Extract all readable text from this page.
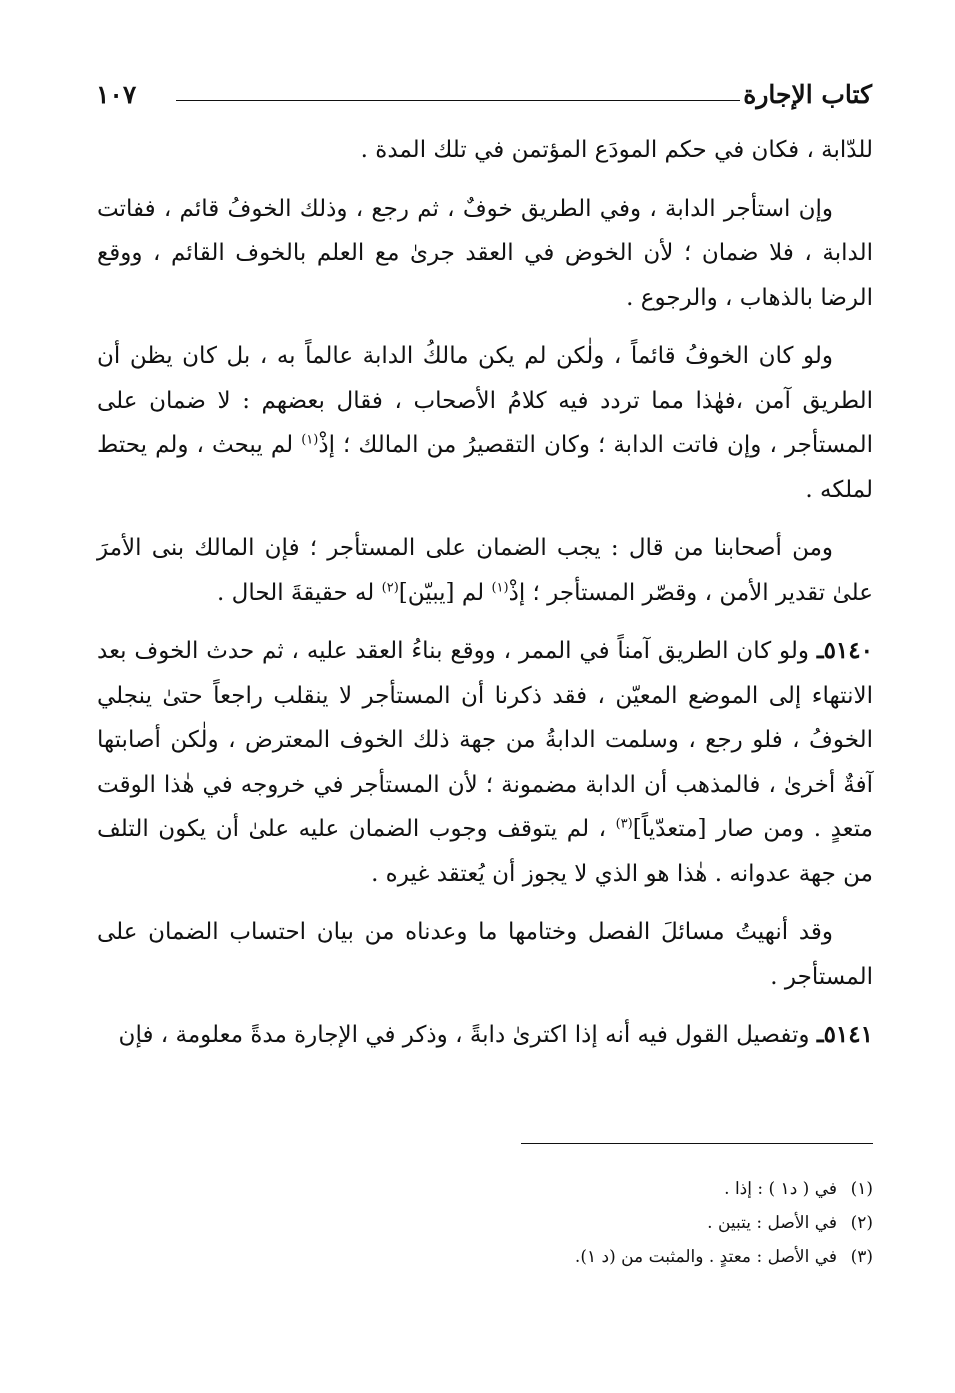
كتاب الإجارة
١٠٧

للدّابة ، فكان في حكم المودَع المؤتمن في تلك المدة .

وإن استأجر الدابة ، وفي الطريق خوفٌ ، ثم رجع ، وذلك الخوفُ قائم ، ففاتت الدابة ، فلا ضمان ؛ لأن الخوض في العقد جرىٰ مع العلم بالخوف القائم ، ووقع الرضا بالذهاب ، والرجوع .

ولو كان الخوفُ قائماً ، ولٰكن لم يكن مالكُ الدابة عالماً به ، بل كان يظن أن الطريق آمن ،فهٰذا مما تردد فيه كلامُ الأصحاب ، فقال بعضهم : لا ضمان على المستأجر ، وإن فاتت الدابة ؛ وكان التقصيرُ من المالك ؛ إذْ$^{(١)}$ لم يبحث ، ولم يحتط لملكه .

ومن أصحابنا من قال : يجب الضمان على المستأجر ؛ فإن المالك بنى الأمرَ علىٰ تقدير الأمن ، وقصّر المستأجر ؛ إذْ$^{(١)}$ لم [يبيّن]$^{(٢)}$ له حقيقةَ الحال .

٥١٤٠ـ ولو كان الطريق آمناً في الممر ، ووقع بناءُ العقد عليه ، ثم حدث الخوف بعد الانتهاء إلى الموضع المعيّن ، فقد ذكرنا أن المستأجر لا ينقلب راجعاً حتىٰ ينجلي الخوفُ ، فلو رجع ، وسلمت الدابةُ من جهة ذلك الخوف المعترض ، ولٰكن أصابتها آفةٌ أخرىٰ ، فالمذهب أن الدابة مضمونة ؛ لأن المستأجر في خروجه في هٰذا الوقت متعدٍ . ومن صار [متعدّياً]$^{(٣)}$ ، لم يتوقف وجوب الضمان عليه علىٰ أن يكون التلف من جهة عدوانه . هٰذا هو الذي لا يجوز أن يُعتقد غيره .

وقد أنهيتُ مسائلَ الفصل وختامها ما وعدناه من بيان احتساب الضمان على المستأجر .

٥١٤١ـ وتفصيل القول فيه أنه إذا اكترىٰ دابةً ، وذكر في الإجارة مدةً معلومة ، فإن

(١)في ( د١ ) : إذا .
(٢)في الأصل : يتبين .
(٣)في الأصل : معتدٍ . والمثبت من (د ١).
